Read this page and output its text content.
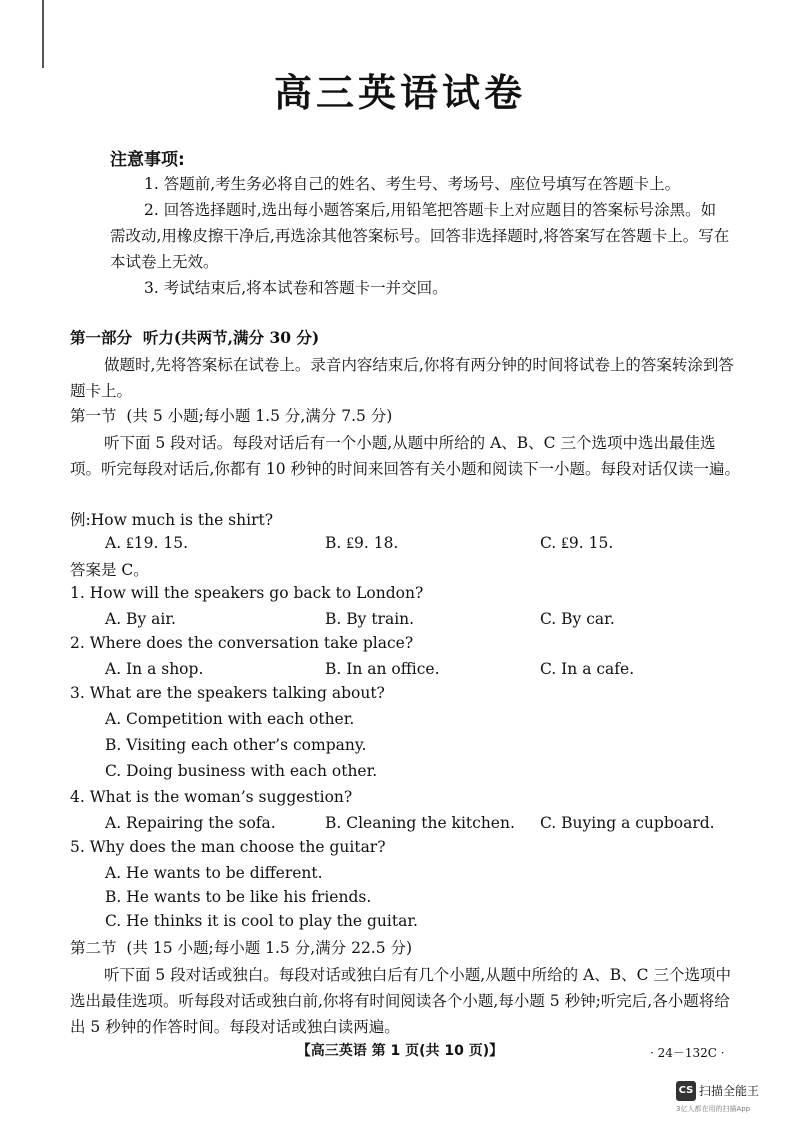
高三英语试卷
注意事项:
1. 答题前,考生务必将自己的姓名、考生号、考场号、座位号填写在答题卡上。
2. 回答选择题时,选出每小题答案后,用铅笔把答题卡上对应题目的答案标号涂黑。如需改动,用橡皮擦干净后,再选涂其他答案标号。回答非选择题时,将答案写在答题卡上。写在本试卷上无效。
3. 考试结束后,将本试卷和答题卡一并交回。
第一部分 听力(共两节,满分 30 分)
做题时,先将答案标在试卷上。录音内容结束后,你将有两分钟的时间将试卷上的答案转涂到答题卡上。
第一节 (共 5 小题;每小题 1.5 分,满分 7.5 分)
听下面 5 段对话。每段对话后有一个小题,从题中所给的 A、B、C 三个选项中选出最佳选项。听完每段对话后,你都有 10 秒钟的时间来回答有关小题和阅读下一小题。每段对话仅读一遍。
例:How much is the shirt?
A. ₤19. 15.	B. ₤9. 18.	C. ₤9. 15.
答案是 C。
1. How will the speakers go back to London?
A. By air.	B. By train.	C. By car.
2. Where does the conversation take place?
A. In a shop.	B. In an office.	C. In a cafe.
3. What are the speakers talking about?
A. Competition with each other.
B. Visiting each other’s company.
C. Doing business with each other.
4. What is the woman’s suggestion?
A. Repairing the sofa.	B. Cleaning the kitchen. C. Buying a cupboard.
5. Why does the man choose the guitar?
A. He wants to be different.
B. He wants to be like his friends.
C. He thinks it is cool to play the guitar.
第二节 (共 15 小题;每小题 1.5 分,满分 22.5 分)
听下面 5 段对话或独白。每段对话或独白后有几个小题,从题中所给的 A、B、C 三个选项中选出最佳选项。听每段对话或独白前,你将有时间阅读各个小题,每小题 5 秒钟;听完后,各小题将给出 5 秒钟的作答时间。每段对话或独白读两遍。
【高三英语 第 1 页(共 10 页)】	· 24－132C ·
CS 扫描全能王
3亿人都在用的扫描App
